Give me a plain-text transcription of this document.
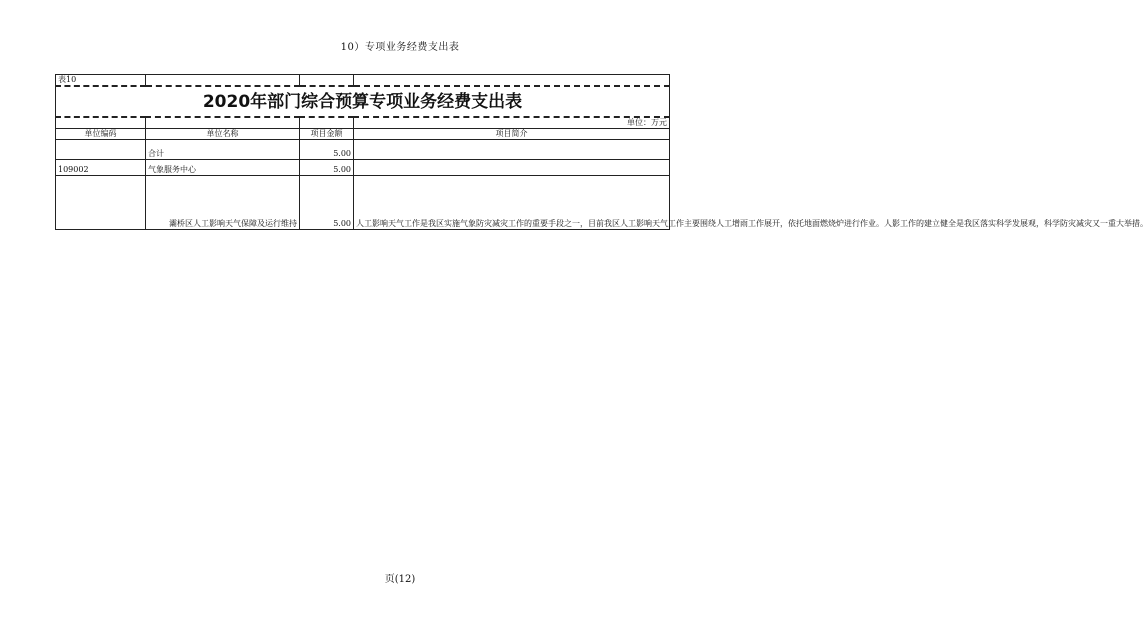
10）专项业务经费支出表
表10			
2020年部门综合预算专项业务经费支出表			
			单位：万元
单位编码	单位名称	项目金额	项目简介
	合计	5.00	
109002	气象服务中心	5.00	
	灞桥区人工影响天气保障及运行维持	5.00	人工影响天气工作是我区实施气象防灾减灾工作的重要手段之一，目前我区人工影响天气工作主要围绕人工增雨工作展开，依托地面燃烧炉进行作业。人影工作的建立健全是我区落实科学发展观，科学防灾减灾又一重大举措。
页(12)
